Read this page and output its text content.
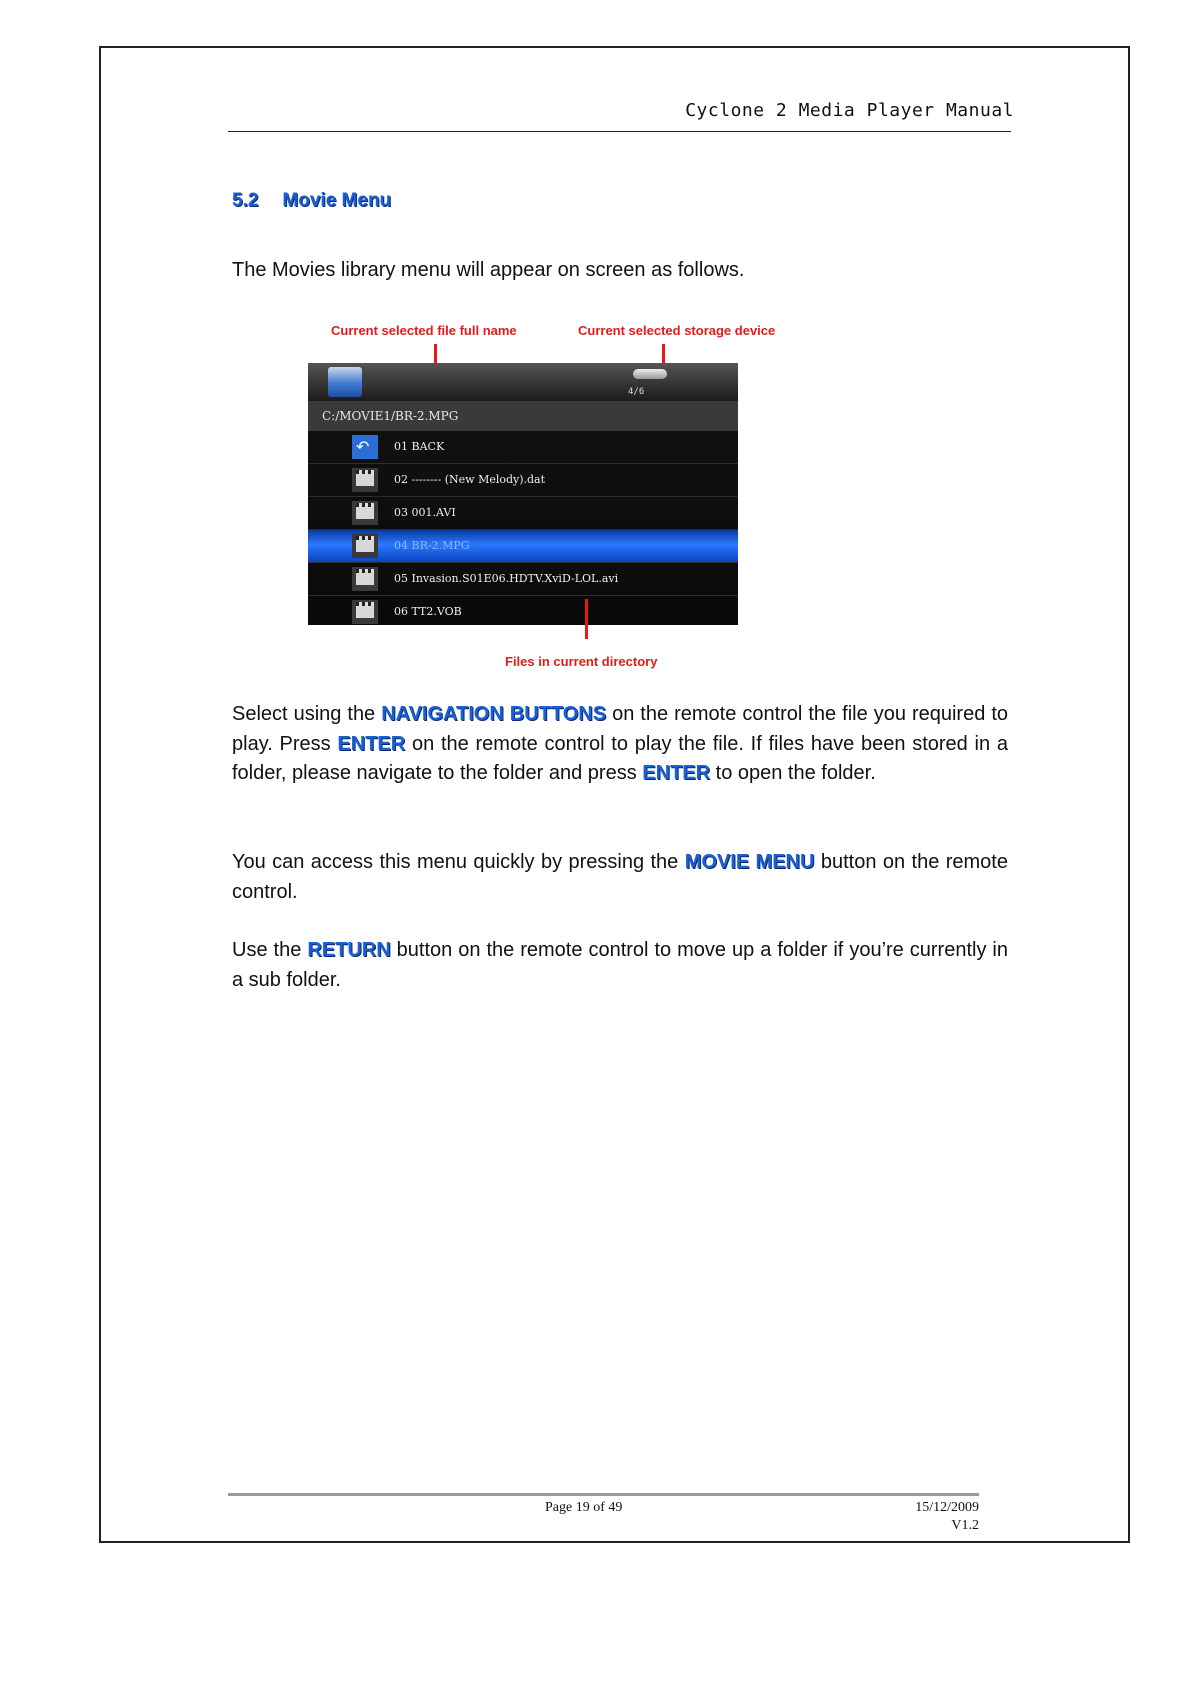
Cyclone 2 Media Player Manual
5.2 Movie Menu
The Movies library menu will appear on screen as follows.
Current selected file full name	Current selected storage device
4/6
C:/MOVIE1/BR-2.MPG
↶ 01 BACK
02 -------- (New Melody).dat
03 001.AVI
04 BR-2.MPG
05 Invasion.S01E06.HDTV.XviD-LOL.avi
06 TT2.VOB
Files in current directory
Select using the NAVIGATION BUTTONS on the remote control the file you required to play. Press ENTER on the remote control to play the file. If files have been stored in a folder, please navigate to the folder and press ENTER to open the folder.
You can access this menu quickly by pressing the MOVIE MENU button on the remote control.
Use the RETURN button on the remote control to move up a folder if you’re currently in a sub folder.
Page 19 of 49	15/12/2009
V1.2
